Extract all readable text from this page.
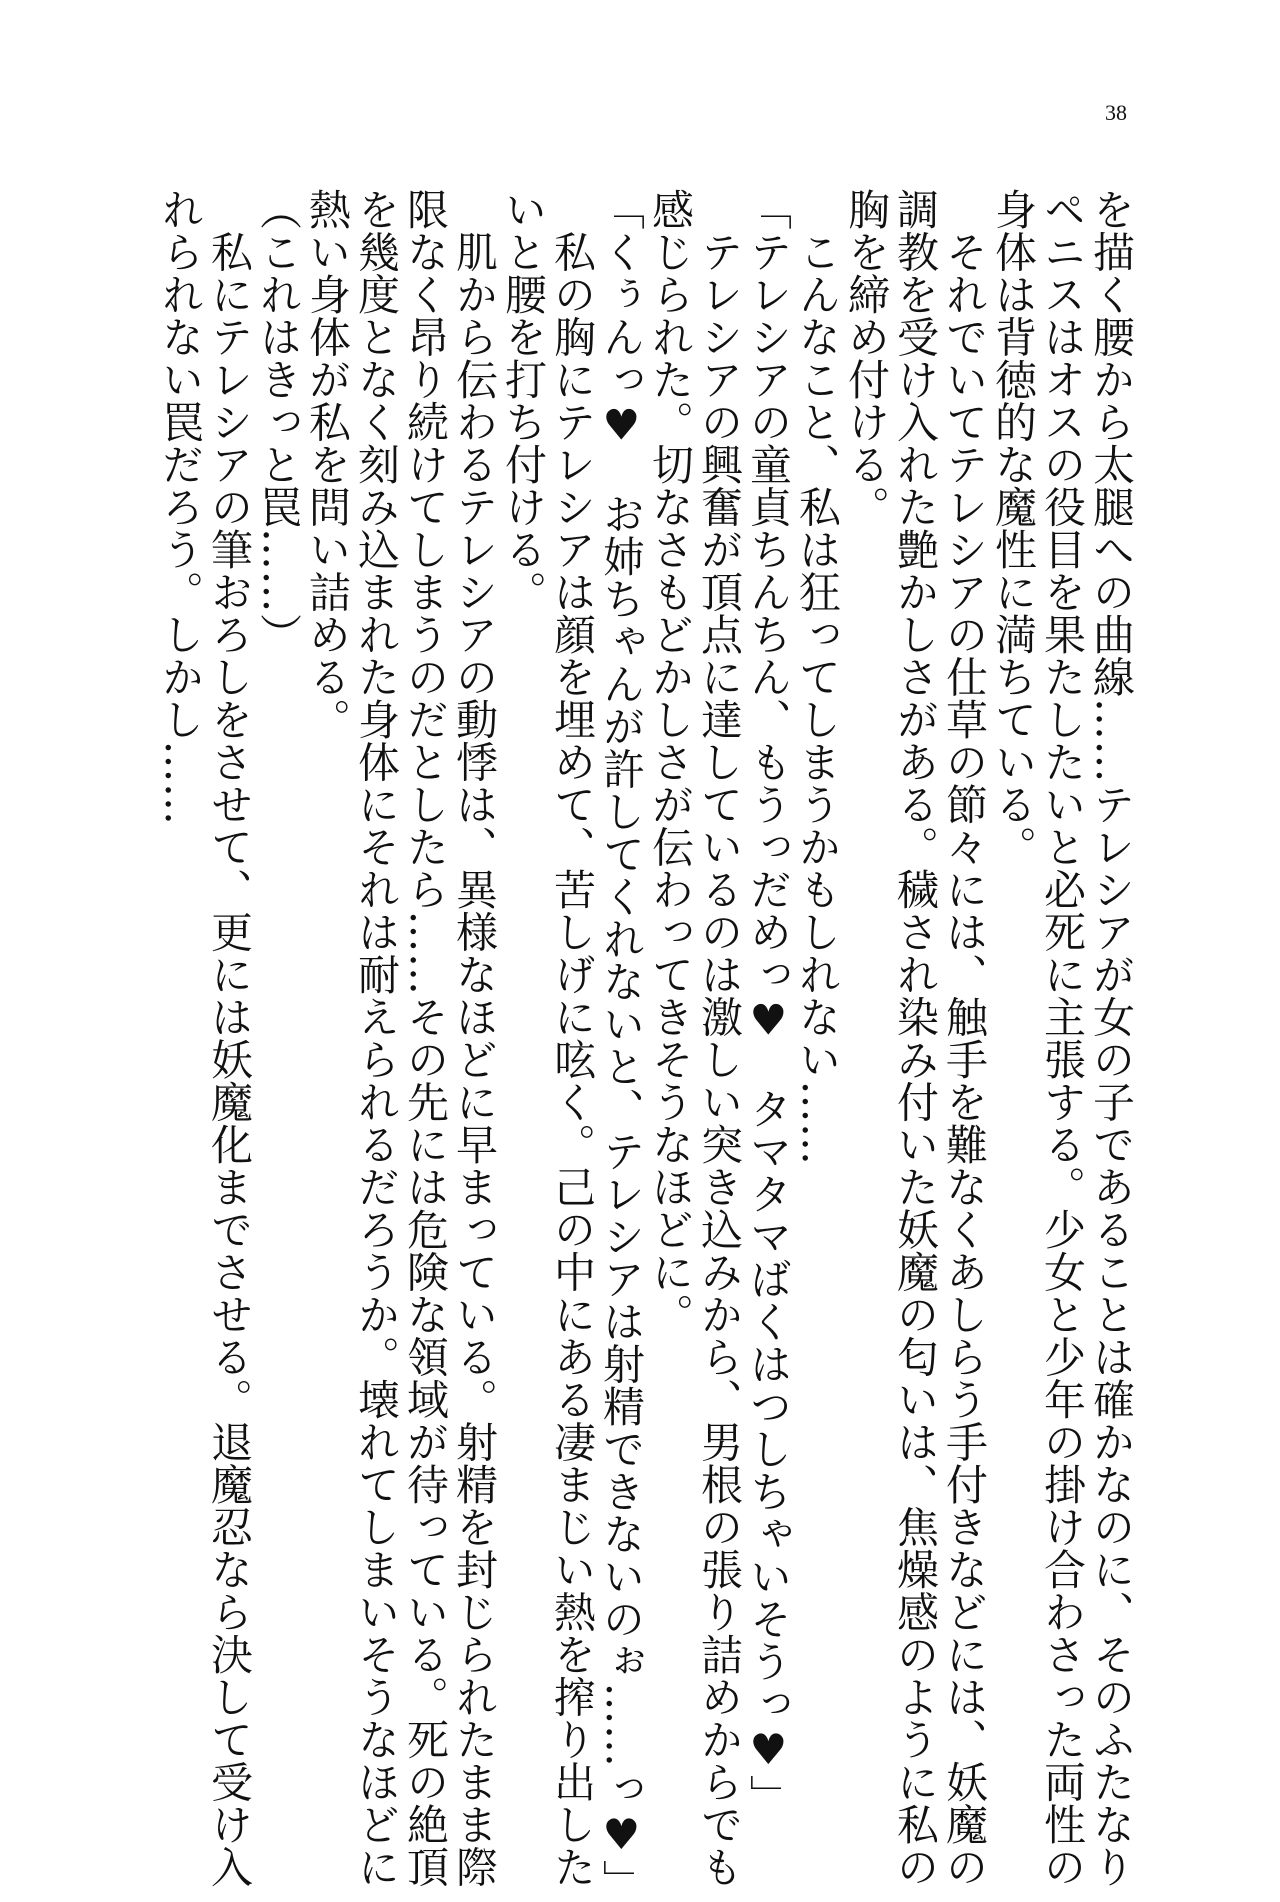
38
を描く腰から太腿への曲線……テレシアが女の子であることは確かなのに、そのふたなり
ペニスはオスの役目を果たしたいと必死に主張する。少女と少年の掛け合わさった両性の
身体は背徳的な魔性に満ちている。
　それでいてテレシアの仕草の節々には、触手を難なくあしらう手付きなどには、妖魔の
調教を受け入れた艶かしさがある。穢され染み付いた妖魔の匂いは、焦燥感のように私の
胸を締め付ける。
　こんなこと、私は狂ってしまうかもしれない……
「テレシアの童貞ちんちん、もうっだめっ♥　タマタマばくはつしちゃいそうっ♥」
　テレシアの興奮が頂点に達しているのは激しい突き込みから、男根の張り詰めからでも
感じられた。切なさもどかしさが伝わってきそうなほどに。
「くぅんっ♥　お姉ちゃんが許してくれないと、テレシアは射精できないのぉ……っ♥」
　私の胸にテレシアは顔を埋めて、苦しげに呟く。己の中にある凄まじい熱を搾り出した
いと腰を打ち付ける。
　肌から伝わるテレシアの動悸は、異様なほどに早まっている。射精を封じられたまま際
限なく昂り続けてしまうのだとしたら……その先には危険な領域が待っている。死の絶頂
を幾度となく刻み込まれた身体にそれは耐えられるだろうか。壊れてしまいそうなほどに
熱い身体が私を問い詰める。
（これはきっと罠……）
　私にテレシアの筆おろしをさせて、更には妖魔化までさせる。退魔忍なら決して受け入
れられない罠だろう。しかし……
